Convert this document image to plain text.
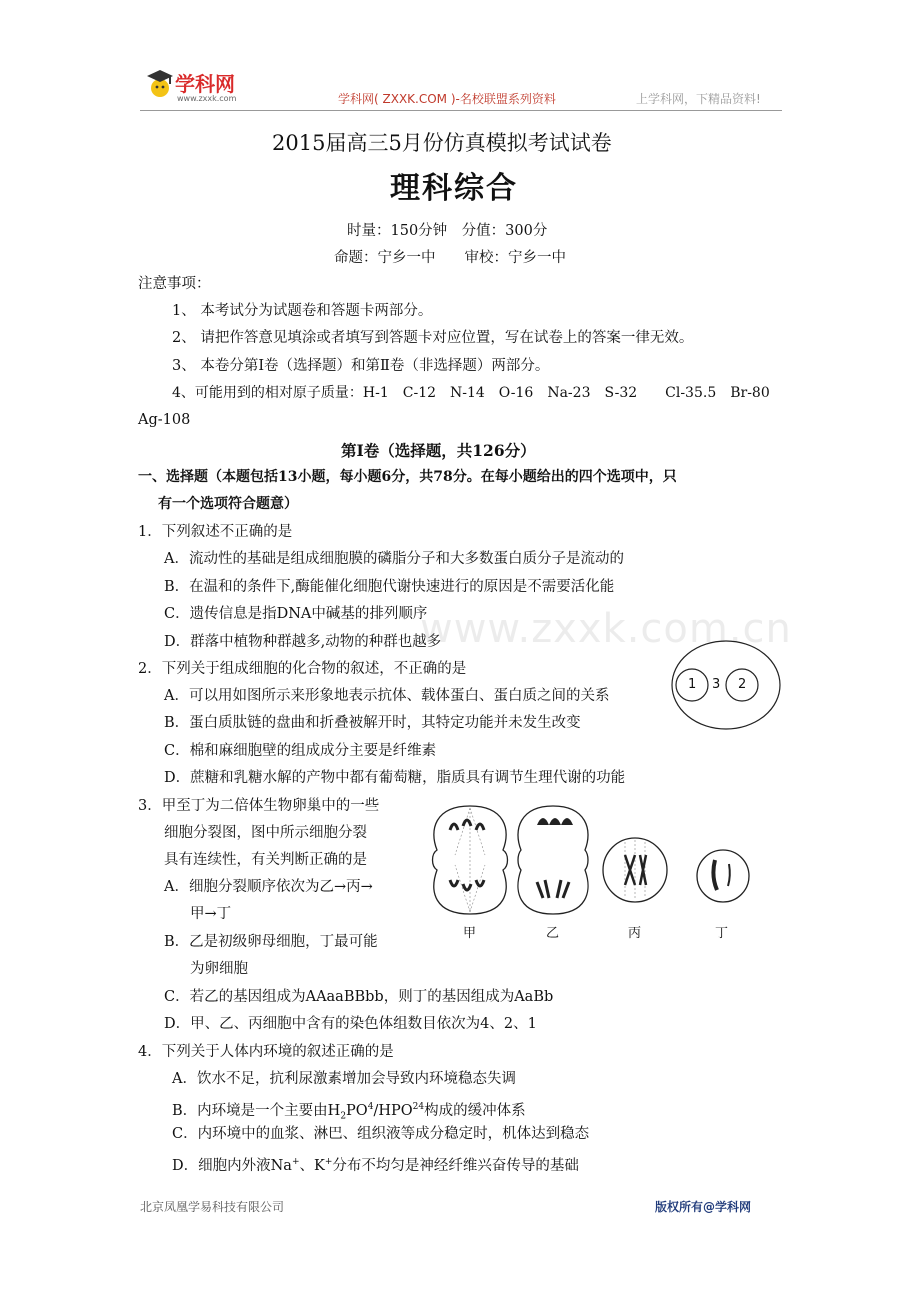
学科网
www.zxxk.com	学科网( ZXXK.COM )-名校联盟系列资料	上学科网，下精品资料!
www.zxxk.com.cn
2015届高三5月份仿真模拟考试试卷
理科综合
时量：150分钟　分值：300分
命题：宁乡一中　　审校：宁乡一中
注意事项：
1、 本考试分为试题卷和答题卡两部分。
2、 请把作答意见填涂或者填写到答题卡对应位置，写在试卷上的答案一律无效。
3、 本卷分第Ⅰ卷（选择题）和第Ⅱ卷（非选择题）两部分。
4、可能用到的相对原子质量：H-1　C-12　N-14　O-16　Na-23　S-32　　Cl-35.5　Br-80
Ag-108
第Ⅰ卷（选择题，共126分）
一、选择题（本题包括13小题，每小题6分，共78分。在每小题给出的四个选项中，只
有一个选项符合题意）
1．下列叙述不正确的是
A．流动性的基础是组成细胞膜的磷脂分子和大多数蛋白质分子是流动的
B．在温和的条件下,酶能催化细胞代谢快速进行的原因是不需要活化能
C．遗传信息是指DNA中碱基的排列顺序
D．群落中植物种群越多,动物的种群也越多
2．下列关于组成细胞的化合物的叙述，不正确的是
A．可以用如图所示来形象地表示抗体、载体蛋白、蛋白质之间的关系
B．蛋白质肽链的盘曲和折叠被解开时，其特定功能并未发生改变
C．棉和麻细胞壁的组成成分主要是纤维素
D．蔗糖和乳糖水解的产物中都有葡萄糖，脂质具有调节生理代谢的功能
1 3 2
3．甲至丁为二倍体生物卵巢中的一些
细胞分裂图，图中所示细胞分裂
具有连续性，有关判断正确的是
A．细胞分裂顺序依次为乙→丙→
甲→丁
B．乙是初级卵母细胞，丁最可能
为卵细胞
C．若乙的基因组成为AAaaBBbb，则丁的基因组成为AaBb
D．甲、乙、丙细胞中含有的染色体组数目依次为4、2、1
甲	乙	丙	丁
4．下列关于人体内环境的叙述正确的是
A．饮水不足，抗利尿激素增加会导致内环境稳态失调
B．内环境是一个主要由$H_2PO^4/HPO^{24}$构成的缓冲体系
C．内环境中的血浆、淋巴、组织液等成分稳定时，机体达到稳态
D．细胞内外液Na+、K+分布不均匀是神经纤维兴奋传导的基础
北京凤凰学易科技有限公司	版权所有@学科网
